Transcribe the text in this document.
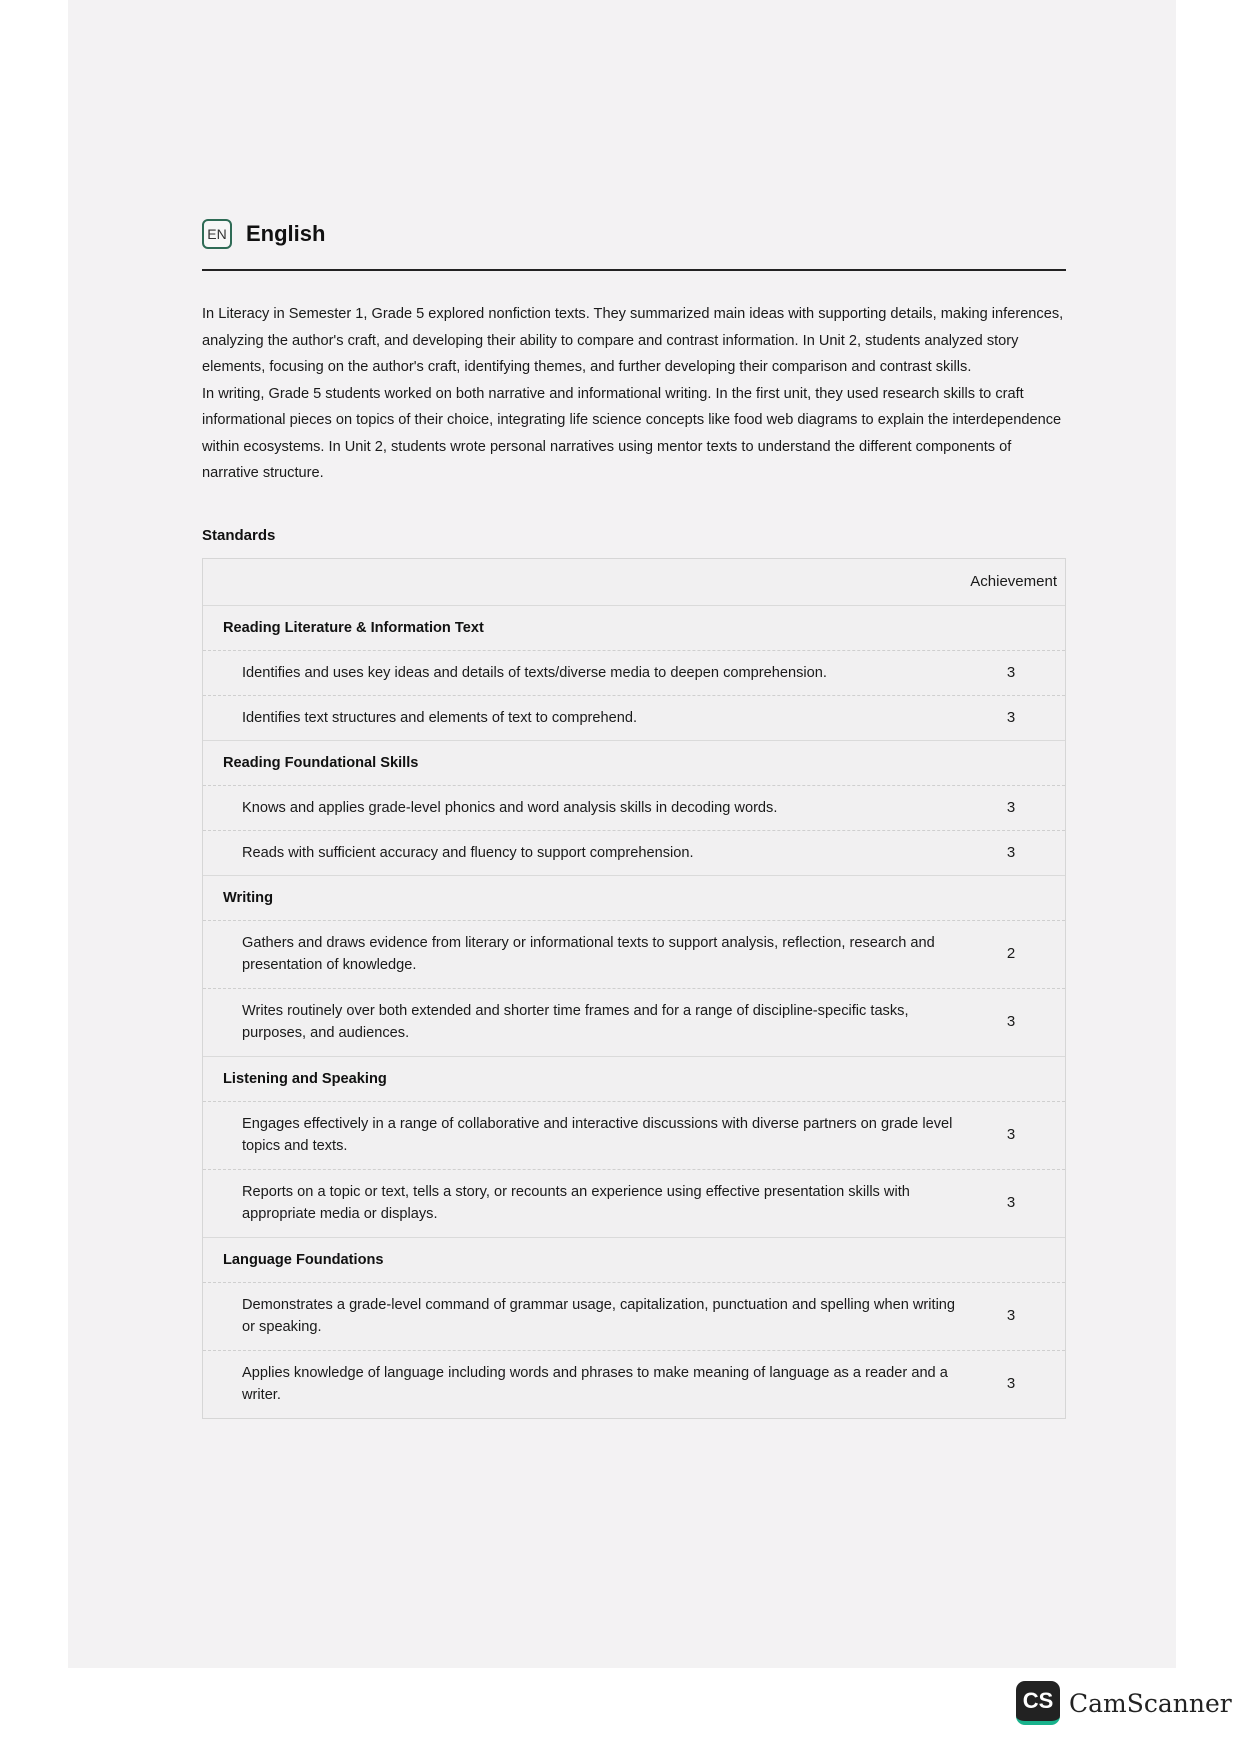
EN English

In Literacy in Semester 1, Grade 5 explored nonfiction texts. They summarized main ideas with supporting details, making inferences, analyzing the author's craft, and developing their ability to compare and contrast information. In Unit 2, students analyzed story elements, focusing on the author's craft, identifying themes, and further developing their comparison and contrast skills.

In writing, Grade 5 students worked on both narrative and informational writing. In the first unit, they used research skills to craft informational pieces on topics of their choice, integrating life science concepts like food web diagrams to explain the interdependence within ecosystems. In Unit 2, students wrote personal narratives using mentor texts to understand the different components of narrative structure.

Standards
Achievement
Reading Literature & Information Text
Identifies and uses key ideas and details of texts/diverse media to deepen comprehension.	3
Identifies text structures and elements of text to comprehend.	3
Reading Foundational Skills
Knows and applies grade-level phonics and word analysis skills in decoding words.	3
Reads with sufficient accuracy and fluency to support comprehension.	3
Writing
Gathers and draws evidence from literary or informational texts to support analysis, reflection, research and presentation of knowledge.
2
Writes routinely over both extended and shorter time frames and for a range of discipline-specific tasks, purposes, and audiences.
3
Listening and Speaking
Engages effectively in a range of collaborative and interactive discussions with diverse partners on grade level topics and texts.
3
Reports on a topic or text, tells a story, or recounts an experience using effective presentation skills with appropriate media or displays.
3
Language Foundations
Demonstrates a grade-level command of grammar usage, capitalization, punctuation and spelling when writing or speaking.
3
Applies knowledge of language including words and phrases to make meaning of language as a reader and a writer.
3
CS CamScanner
